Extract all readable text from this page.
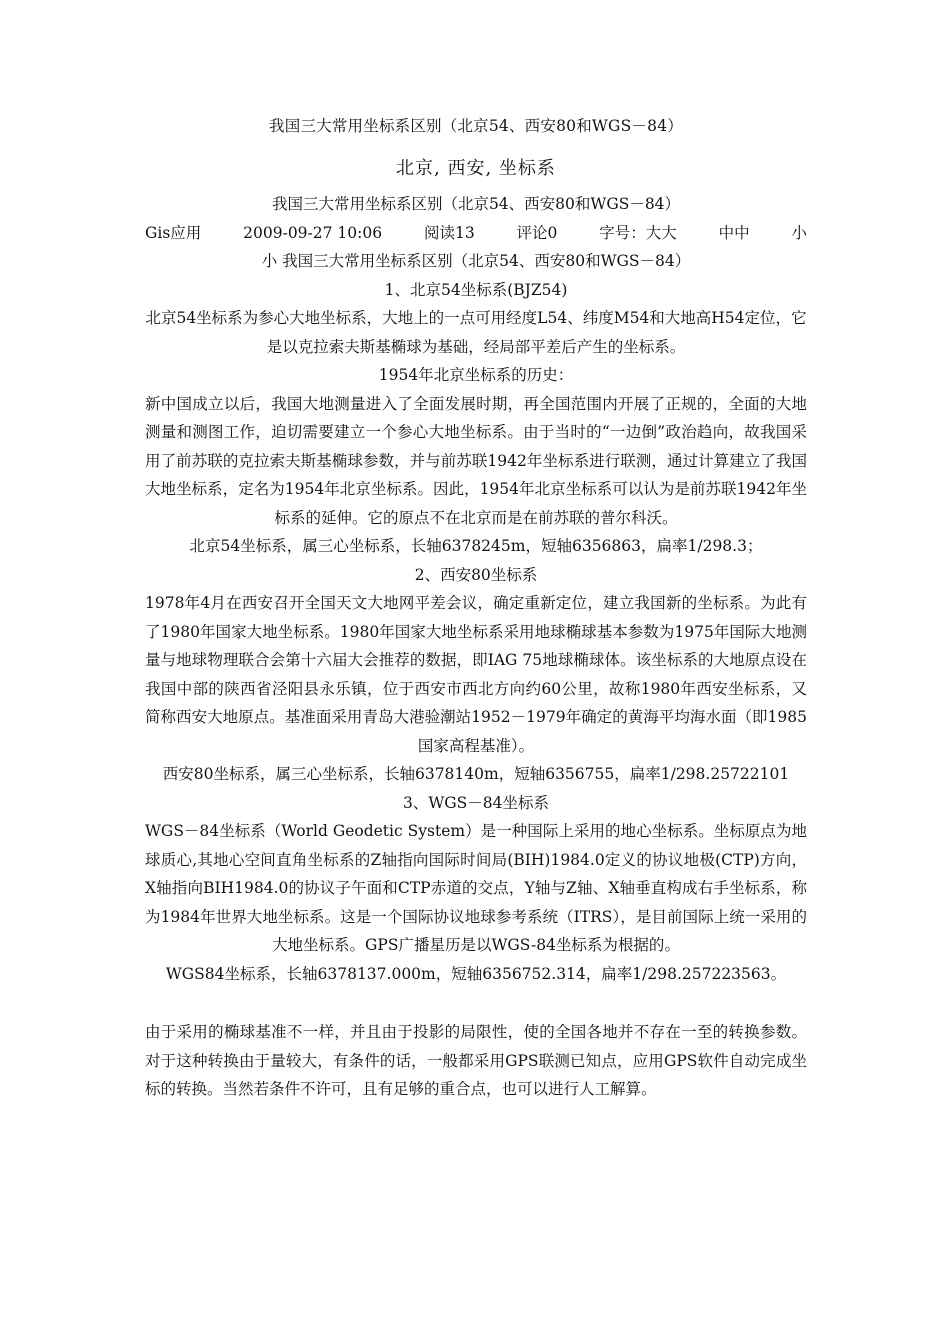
我国三大常用坐标系区别（北京54、西安80和WGS－84）
北京, 西安, 坐标系
我国三大常用坐标系区别（北京54、西安80和WGS－84）
Gis应用	2009-09-27 10:06	阅读13	评论0	字号：大大	中中	小
小 我国三大常用坐标系区别（北京54、西安80和WGS－84）
1、北京54坐标系(BJZ54)

北京54坐标系为参心大地坐标系，大地上的一点可用经度L54、纬度M54和大地高H54定位，它是以克拉索夫斯基椭球为基础，经局部平差后产生的坐标系。

1954年北京坐标系的历史：

新中国成立以后，我国大地测量进入了全面发展时期，再全国范围内开展了正规的，全面的大地测量和测图工作，迫切需要建立一个参心大地坐标系。由于当时的“一边倒”政治趋向，故我国采用了前苏联的克拉索夫斯基椭球参数，并与前苏联1942年坐标系进行联测，通过计算建立了我国大地坐标系，定名为1954年北京坐标系。因此，1954年北京坐标系可以认为是前苏联1942年坐标系的延伸。它的原点不在北京而是在前苏联的普尔科沃。

北京54坐标系，属三心坐标系，长轴6378245m，短轴6356863，扁率1/298.3；
2、西安80坐标系

1978年4月在西安召开全国天文大地网平差会议，确定重新定位，建立我国新的坐标系。为此有了1980年国家大地坐标系。1980年国家大地坐标系采用地球椭球基本参数为1975年国际大地测量与地球物理联合会第十六届大会推荐的数据，即IAG 75地球椭球体。该坐标系的大地原点设在我国中部的陕西省泾阳县永乐镇，位于西安市西北方向约60公里，故称1980年西安坐标系，又简称西安大地原点。基准面采用青岛大港验潮站1952－1979年确定的黄海平均海水面（即1985国家高程基准）。

西安80坐标系，属三心坐标系，长轴6378140m，短轴6356755，扁率1/298.25722101
3、WGS－84坐标系

WGS－84坐标系（World Geodetic System）是一种国际上采用的地心坐标系。坐标原点为地球质心,其地心空间直角坐标系的Z轴指向国际时间局(BIH)1984.0定义的协议地极(CTP)方向，X轴指向BIH1984.0的协议子午面和CTP赤道的交点，Y轴与Z轴、X轴垂直构成右手坐标系，称为1984年世界大地坐标系。这是一个国际协议地球参考系统（ITRS），是目前国际上统一采用的大地坐标系。GPS广播星历是以WGS-84坐标系为根据的。

WGS84坐标系，长轴6378137.000m，短轴6356752.314，扁率1/298.257223563。

由于采用的椭球基准不一样，并且由于投影的局限性，使的全国各地并不存在一至的转换参数。对于这种转换由于量较大，有条件的话，一般都采用GPS联测已知点，应用GPS软件自动完成坐标的转换。当然若条件不许可，且有足够的重合点，也可以进行人工解算。
